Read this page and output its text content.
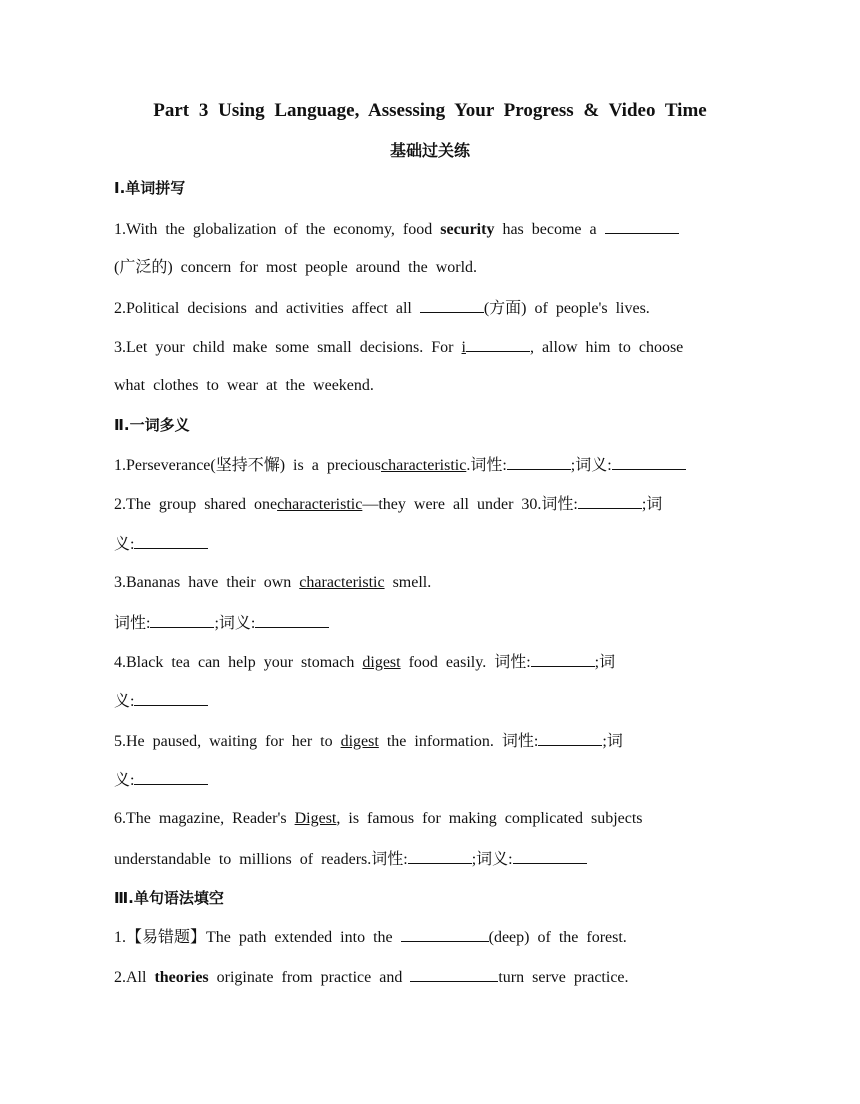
Part 3 Using Language, Assessing Your Progress & Video Time
基础过关练
Ⅰ.单词拼写
1.With the globalization of the economy, food security has become a
(广泛的) concern for most people around the world.
2.Political decisions and activities affect all	(方面) of people's lives.
3.Let your child make some small decisions. For i	, allow him to choose
what clothes to wear at the weekend.
Ⅱ.一词多义
1.Perseverance(坚持不懈) is a preciouscharacteristic.词性:	;词义:
2.The group shared onecharacteristic—they were all under 30.词性:	;词
义:
3.Bananas have their own characteristic smell.
词性:	;词义:
4.Black tea can help your stomach digest food easily. 词性:	;词
义:
5.He paused, waiting for her to digest the information. 词性:	;词
义:
6.The magazine, Reader's Digest, is famous for making complicated subjects
understandable to millions of readers.词性:	;词义:
Ⅲ.单句语法填空
1.【易错题】The path extended into the	(deep) of the forest.
2.All theories originate from practice and	turn serve practice.
